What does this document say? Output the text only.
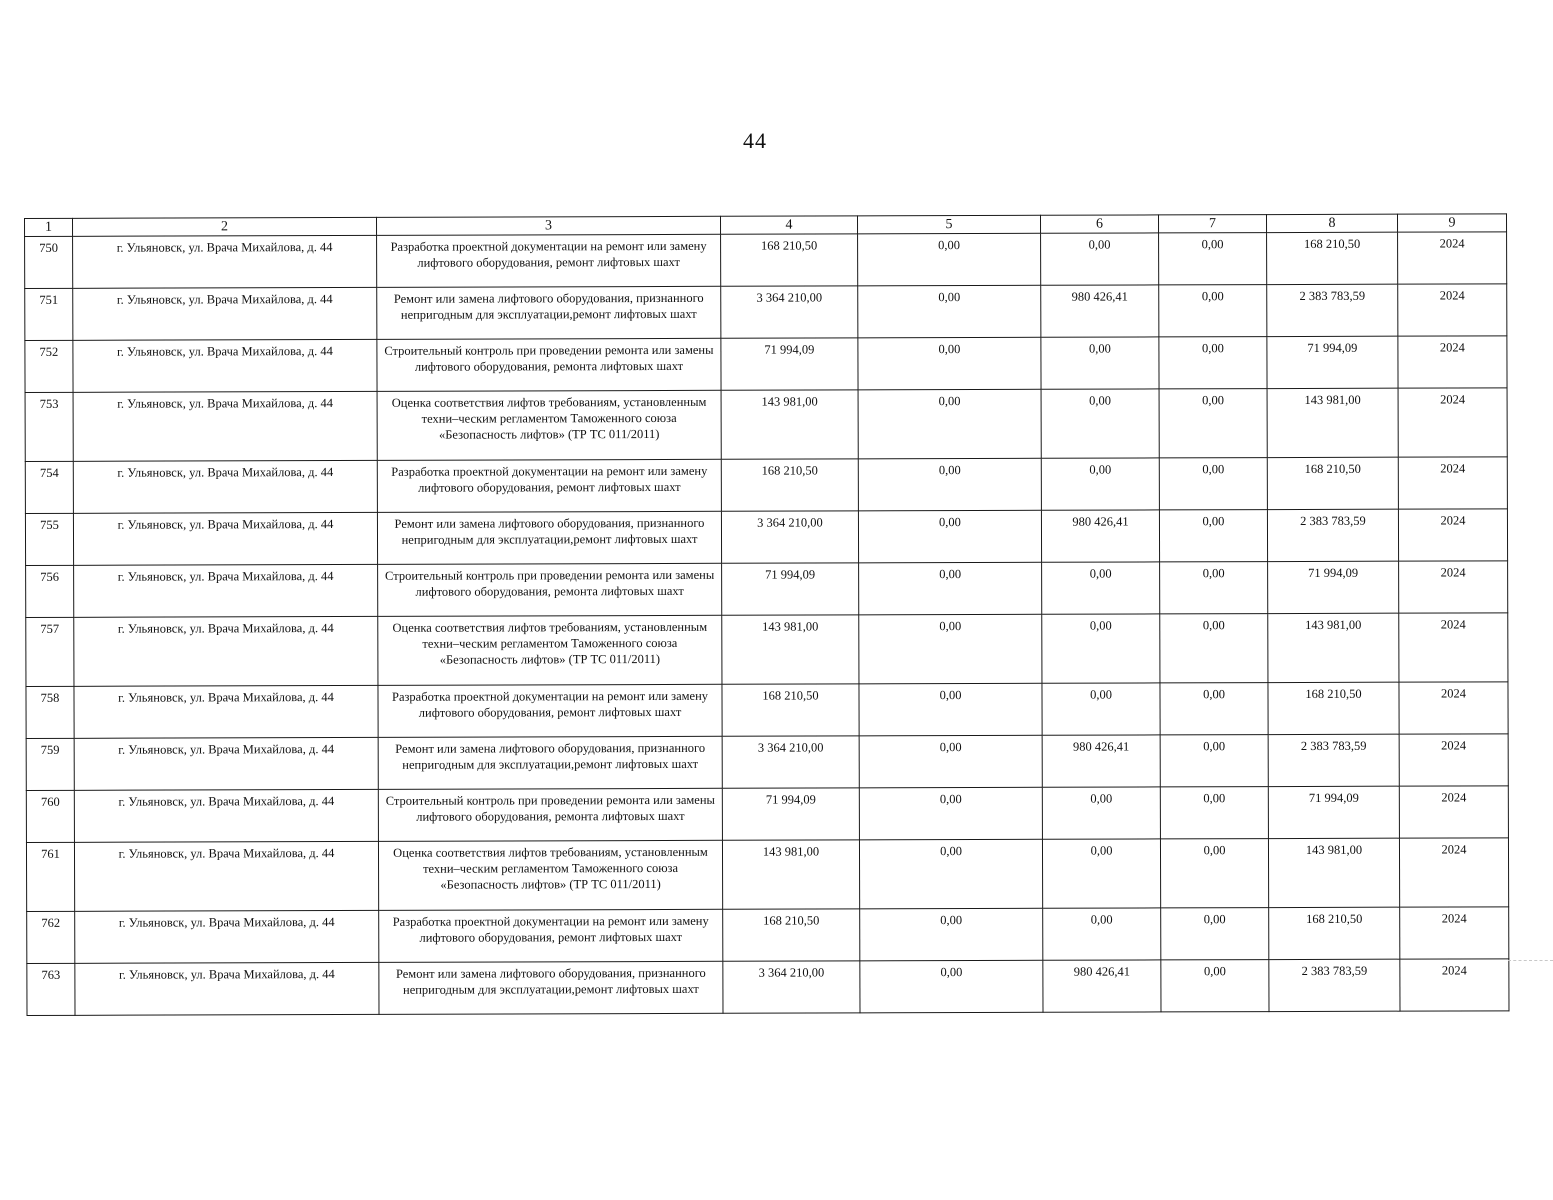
44
1	2	3	4	5	6	7	8	9
750	г. Ульяновск, ул. Врача Михайлова, д. 44	Разработка проектной документации на ремонт или замену лифтового оборудования, ремонт лифтовых шахт	168 210,50	0,00	0,00	0,00	168 210,50	2024
751	г. Ульяновск, ул. Врача Михайлова, д. 44	Ремонт или замена лифтового оборудования, признанного непригодным для эксплуатации,ремонт лифтовых шахт	3 364 210,00	0,00	980 426,41	0,00	2 383 783,59	2024
752	г. Ульяновск, ул. Врача Михайлова, д. 44	Строительный контроль при проведении ремонта или замены лифтового оборудования, ремонта лифтовых шахт	71 994,09	0,00	0,00	0,00	71 994,09	2024
753	г. Ульяновск, ул. Врача Михайлова, д. 44	Оценка соответствия лифтов требованиям, установленным техни–ческим регламентом Таможенного союза «Безопасность лифтов» (ТР ТС 011/2011)	143 981,00	0,00	0,00	0,00	143 981,00	2024
754	г. Ульяновск, ул. Врача Михайлова, д. 44	Разработка проектной документации на ремонт или замену лифтового оборудования, ремонт лифтовых шахт	168 210,50	0,00	0,00	0,00	168 210,50	2024
755	г. Ульяновск, ул. Врача Михайлова, д. 44	Ремонт или замена лифтового оборудования, признанного непригодным для эксплуатации,ремонт лифтовых шахт	3 364 210,00	0,00	980 426,41	0,00	2 383 783,59	2024
756	г. Ульяновск, ул. Врача Михайлова, д. 44	Строительный контроль при проведении ремонта или замены лифтового оборудования, ремонта лифтовых шахт	71 994,09	0,00	0,00	0,00	71 994,09	2024
757	г. Ульяновск, ул. Врача Михайлова, д. 44	Оценка соответствия лифтов требованиям, установленным техни–ческим регламентом Таможенного союза «Безопасность лифтов» (ТР ТС 011/2011)	143 981,00	0,00	0,00	0,00	143 981,00	2024
758	г. Ульяновск, ул. Врача Михайлова, д. 44	Разработка проектной документации на ремонт или замену лифтового оборудования, ремонт лифтовых шахт	168 210,50	0,00	0,00	0,00	168 210,50	2024
759	г. Ульяновск, ул. Врача Михайлова, д. 44	Ремонт или замена лифтового оборудования, признанного непригодным для эксплуатации,ремонт лифтовых шахт	3 364 210,00	0,00	980 426,41	0,00	2 383 783,59	2024
760	г. Ульяновск, ул. Врача Михайлова, д. 44	Строительный контроль при проведении ремонта или замены лифтового оборудования, ремонта лифтовых шахт	71 994,09	0,00	0,00	0,00	71 994,09	2024
761	г. Ульяновск, ул. Врача Михайлова, д. 44	Оценка соответствия лифтов требованиям, установленным техни–ческим регламентом Таможенного союза «Безопасность лифтов» (ТР ТС 011/2011)	143 981,00	0,00	0,00	0,00	143 981,00	2024
762	г. Ульяновск, ул. Врача Михайлова, д. 44	Разработка проектной документации на ремонт или замену лифтового оборудования, ремонт лифтовых шахт	168 210,50	0,00	0,00	0,00	168 210,50	2024
763	г. Ульяновск, ул. Врача Михайлова, д. 44	Ремонт или замена лифтового оборудования, признанного непригодным для эксплуатации,ремонт лифтовых шахт	3 364 210,00	0,00	980 426,41	0,00	2 383 783,59	2024
